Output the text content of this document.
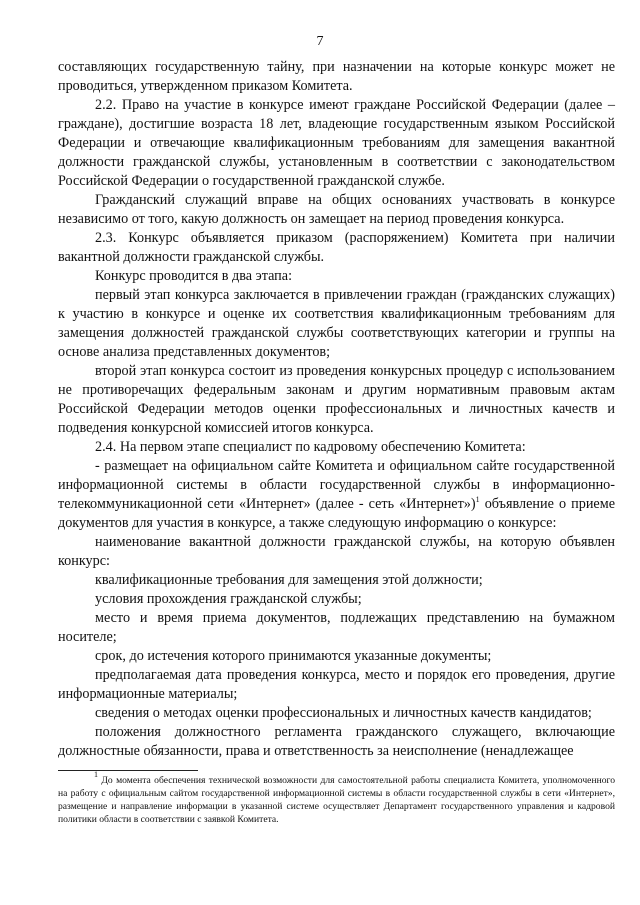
7

составляющих государственную тайну, при назначении на которые конкурс может не проводиться, утвержденном приказом Комитета.

2.2. Право на участие в конкурсе имеют граждане Российской Федерации (далее – граждане), достигшие возраста 18 лет, владеющие государственным языком Российской Федерации и отвечающие квалификационным требованиям для замещения вакантной должности гражданской службы, установленным в соответствии с законодательством Российской Федерации о государственной гражданской службе.

Гражданский служащий вправе на общих основаниях участвовать в конкурсе независимо от того, какую должность он замещает на период проведения конкурса.

2.3. Конкурс объявляется приказом (распоряжением) Комитета при наличии вакантной должности гражданской службы.

Конкурс проводится в два этапа:

первый этап конкурса заключается в привлечении граждан (гражданских служащих) к участию в конкурсе и оценке их соответствия квалификационным требованиям для замещения должностей гражданской службы соответствующих категории и группы на основе анализа представленных документов;

второй этап конкурса состоит из проведения конкурсных процедур с использованием не противоречащих федеральным законам и другим нормативным правовым актам Российской Федерации методов оценки профессиональных и личностных качеств и подведения конкурсной комиссией итогов конкурса.

2.4. На первом этапе специалист по кадровому обеспечению Комитета:

- размещает на официальном сайте Комитета и официальном сайте государственной информационной системы в области государственной службы в информационно-телекоммуникационной сети «Интернет» (далее - сеть «Интернет»)$^1$ объявление о приеме документов для участия в конкурсе, а также следующую информацию о конкурсе:

наименование вакантной должности гражданской службы, на которую объявлен конкурс:

квалификационные требования для замещения этой должности;

условия прохождения гражданской службы;

место и время приема документов, подлежащих представлению на бумажном носителе;

срок, до истечения которого принимаются указанные документы;

предполагаемая дата проведения конкурса, место и порядок его проведения, другие информационные материалы;

сведения о методах оценки профессиональных и личностных качеств кандидатов;

положения должностного регламента гражданского служащего, включающие должностные обязанности, права и ответственность за неисполнение (ненадлежащее

$^1$ До момента обеспечения технической возможности для самостоятельной работы специалиста Комитета, уполномоченного на работу с официальным сайтом государственной информационной системы в области государственной службы в сети «Интернет», размещение и направление информации в указанной системе осуществляет Департамент государственного управления и кадровой политики области в соответствии с заявкой Комитета.
